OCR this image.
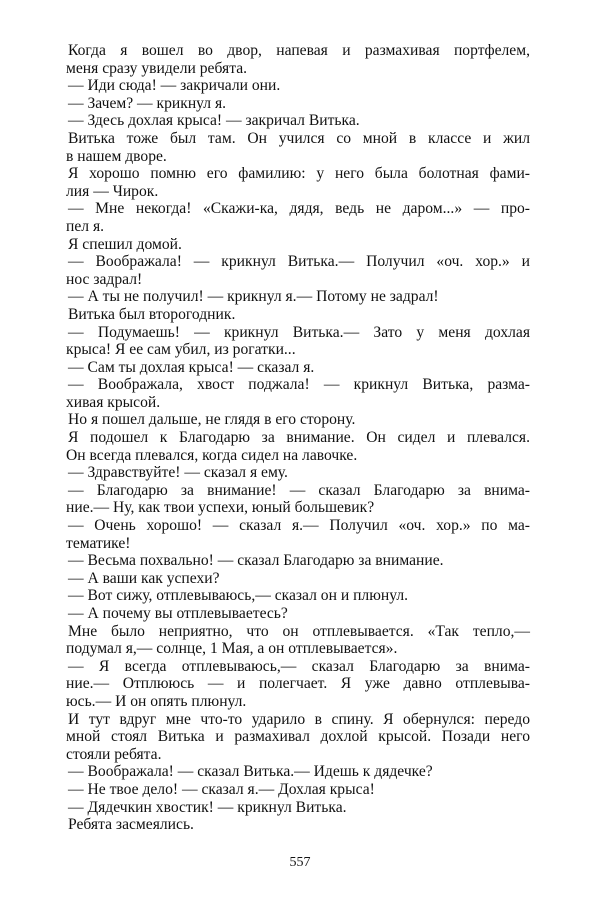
Когда я вошел во двор, напевая и размахивая портфелем,
меня сразу увидели ребята.
— Иди сюда! — закричали они.
— Зачем? — крикнул я.
— Здесь дохлая крыса! — закричал Витька.
Витька тоже был там. Он учился со мной в классе и жил
в нашем дворе.
Я хорошо помню его фамилию: у него была болотная фами-
лия — Чирок.
— Мне некогда! «Скажи-ка, дядя, ведь не даром...» — про-
пел я.
Я спешил домой.
— Воображала! — крикнул Витька.— Получил «оч. хор.» и
нос задрал!
— А ты не получил! — крикнул я.— Потому не задрал!
Витька был второгодник.
— Подумаешь! — крикнул Витька.— Зато у меня дохлая
крыса! Я ее сам убил, из рогатки...
— Сам ты дохлая крыса! — сказал я.
— Воображала, хвост поджала! — крикнул Витька, разма-
хивая крысой.
Но я пошел дальше, не глядя в его сторону.
Я подошел к Благодарю за внимание. Он сидел и плевался.
Он всегда плевался, когда сидел на лавочке.
— Здравствуйте! — сказал я ему.
— Благодарю за внимание! — сказал Благодарю за внима-
ние.— Ну, как твои успехи, юный большевик?
— Очень хорошо! — сказал я.— Получил «оч. хор.» по ма-
тематике!
— Весьма похвально! — сказал Благодарю за внимание.
— А ваши как успехи?
— Вот сижу, отплевываюсь,— сказал он и плюнул.
— А почему вы отплевываетесь?
Мне было неприятно, что он отплевывается. «Так тепло,—
подумал я,— солнце, 1 Мая, а он отплевывается».
— Я всегда отплевываюсь,— сказал Благодарю за внима-
ние.— Отплююсь — и полегчает. Я уже давно отплевыва-
юсь.— И он опять плюнул.
И тут вдруг мне что-то ударило в спину. Я обернулся: передо
мной стоял Витька и размахивал дохлой крысой. Позади него
стояли ребята.
— Воображала! — сказал Витька.— Идешь к дядечке?
— Не твое дело! — сказал я.— Дохлая крыса!
— Дядечкин хвостик! — крикнул Витька.
Ребята засмеялись.
557
